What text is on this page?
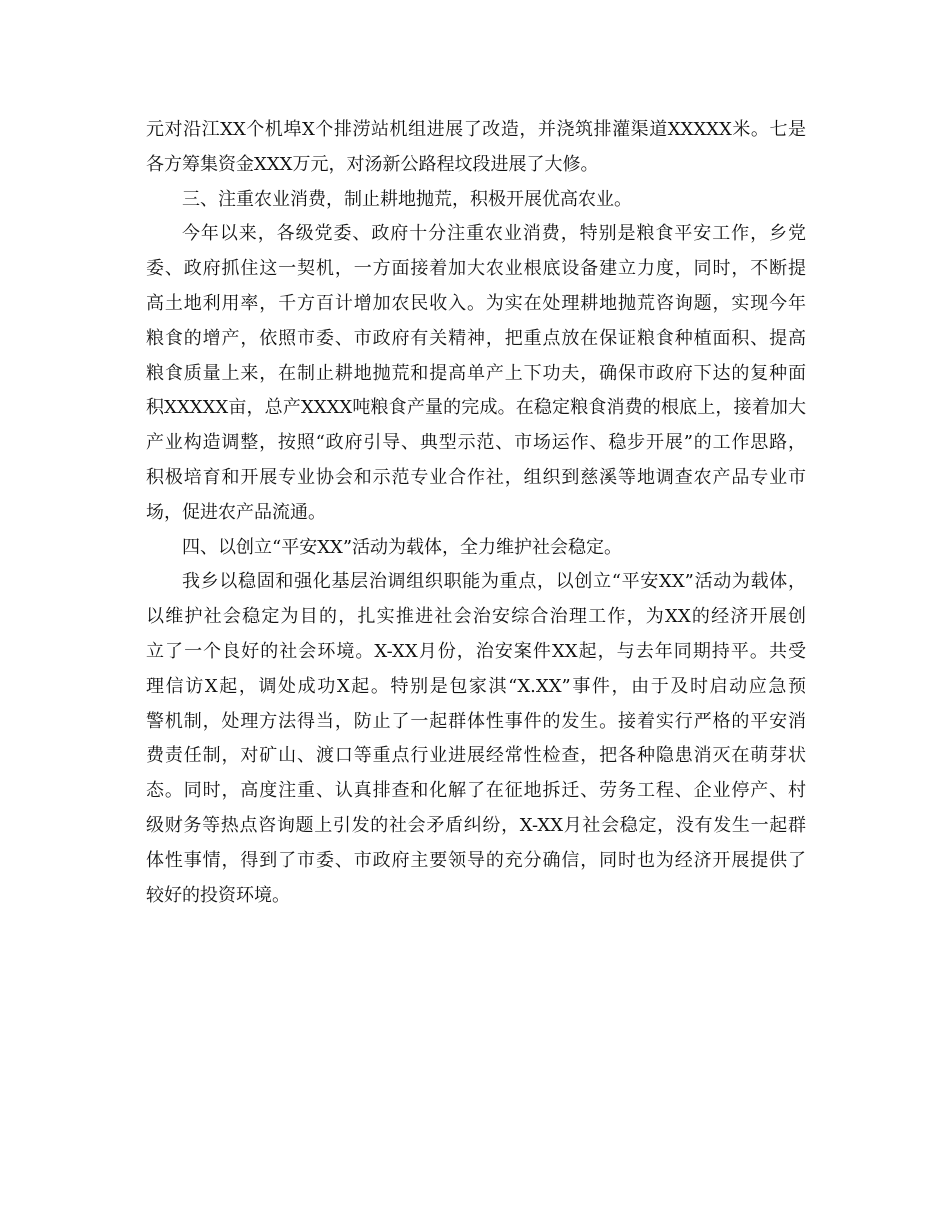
元对沿江XX个机埠X个排涝站机组进展了改造，并浇筑排灌渠道XXXXX米。七是
各方筹集资金XXX万元，对汤新公路程坟段进展了大修。
三、注重农业消费，制止耕地抛荒，积极开展优高农业。
今年以来，各级党委、政府十分注重农业消费，特别是粮食平安工作，乡党
委、政府抓住这一契机，一方面接着加大农业根底设备建立力度，同时，不断提
高土地利用率，千方百计增加农民收入。为实在处理耕地抛荒咨询题，实现今年
粮食的增产，依照市委、市政府有关精神，把重点放在保证粮食种植面积、提高
粮食质量上来，在制止耕地抛荒和提高单产上下功夫，确保市政府下达的复种面
积XXXXX亩，总产XXXX吨粮食产量的完成。在稳定粮食消费的根底上，接着加大
产业构造调整，按照“政府引导、典型示范、市场运作、稳步开展”的工作思路，
积极培育和开展专业协会和示范专业合作社，组织到慈溪等地调查农产品专业市
场，促进农产品流通。
四、以创立“平安XX”活动为载体，全力维护社会稳定。
我乡以稳固和强化基层治调组织职能为重点，以创立“平安XX”活动为载体，
以维护社会稳定为目的，扎实推进社会治安综合治理工作，为XX的经济开展创
立了一个良好的社会环境。X-XX月份，治安案件XX起，与去年同期持平。共受
理信访X起，调处成功X起。特别是包家淇“X.XX”事件，由于及时启动应急预
警机制，处理方法得当，防止了一起群体性事件的发生。接着实行严格的平安消
费责任制，对矿山、渡口等重点行业进展经常性检查，把各种隐患消灭在萌芽状
态。同时，高度注重、认真排查和化解了在征地拆迁、劳务工程、企业停产、村
级财务等热点咨询题上引发的社会矛盾纠纷，X-XX月社会稳定，没有发生一起群
体性事情，得到了市委、市政府主要领导的充分确信，同时也为经济开展提供了
较好的投资环境。
